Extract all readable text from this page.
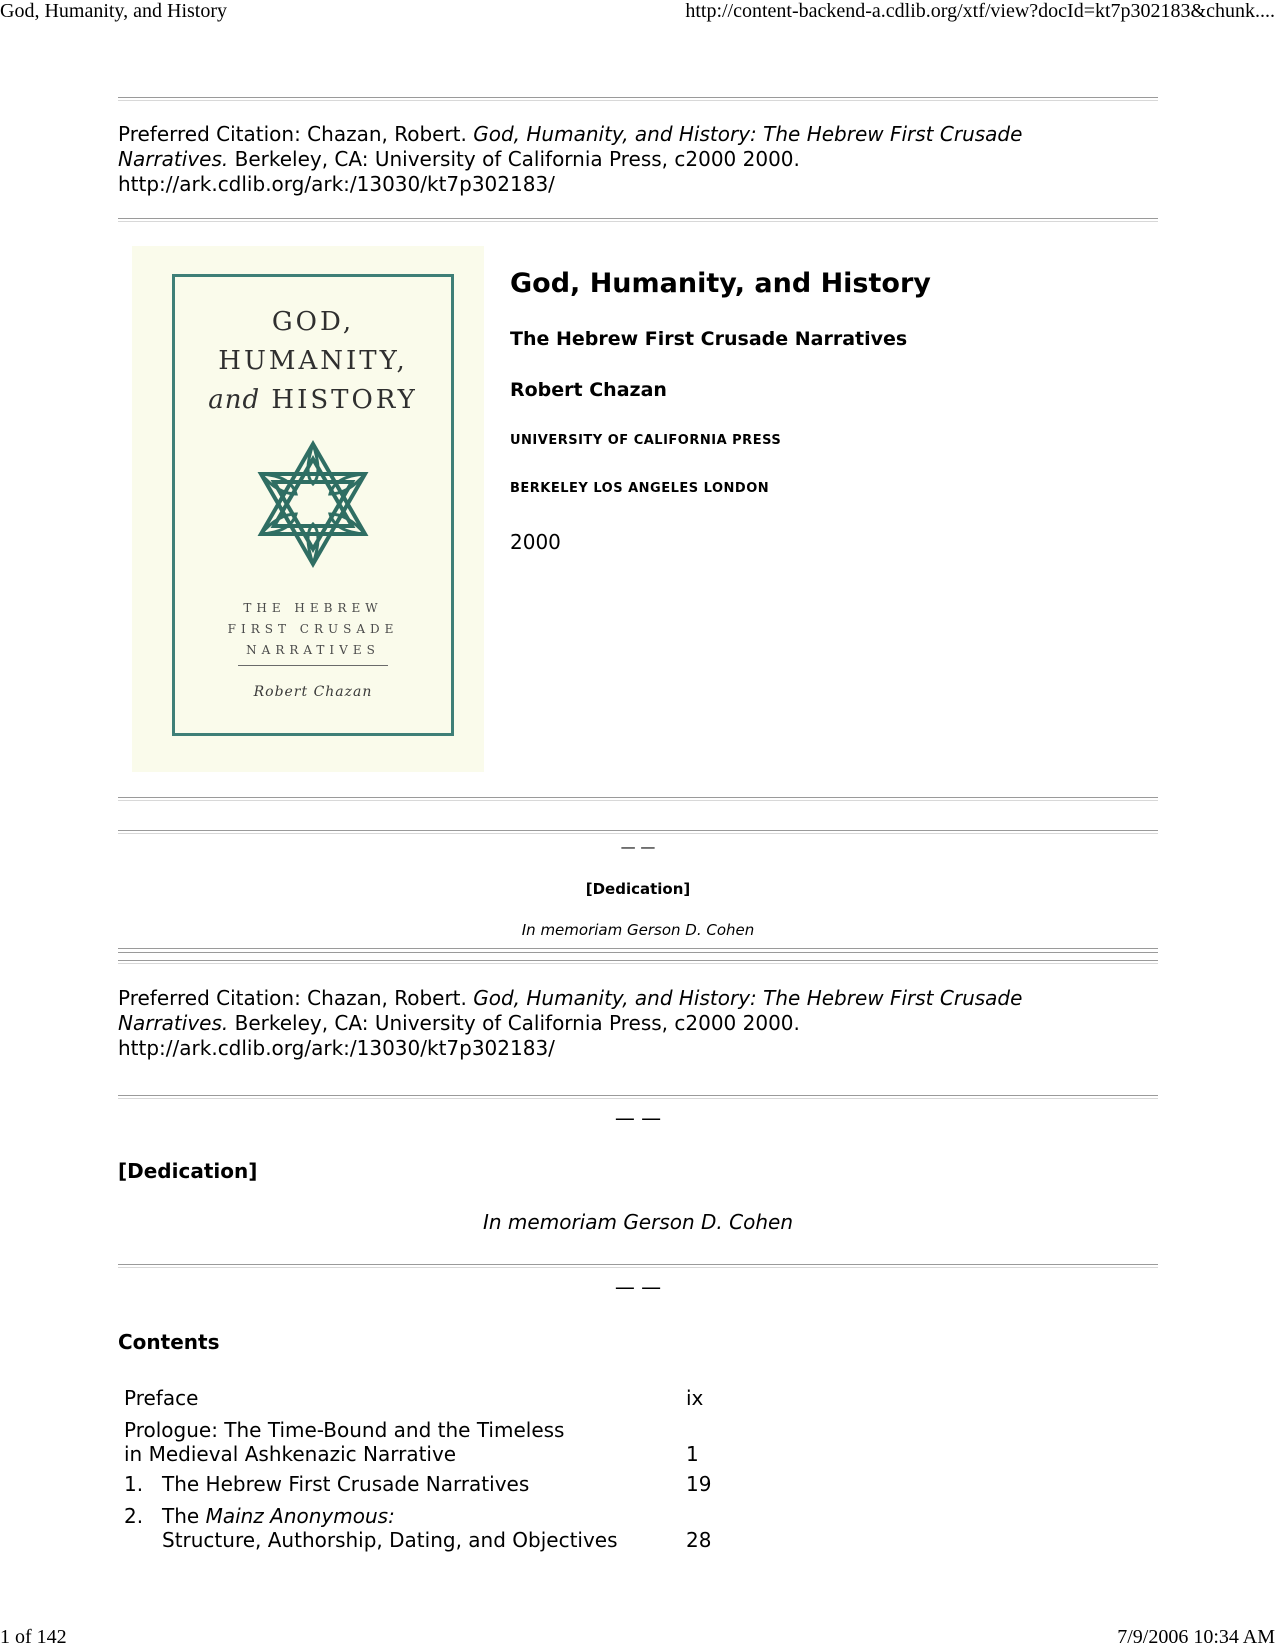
God, Humanity, and History	http://content-backend-a.cdlib.org/xtf/view?docId=kt7p302183&chunk....
Preferred Citation: Chazan, Robert. God, Humanity, and History: The Hebrew First Crusade
Narratives. Berkeley, CA: University of California Press, c2000 2000.
http://ark.cdlib.org/ark:/13030/kt7p302183/
GOD,
HUMANITY,
and HISTORY
THE HEBREW
FIRST CRUSADE
NARRATIVES
Robert Chazan
God, Humanity, and History
The Hebrew First Crusade Narratives
Robert Chazan
UNIVERSITY OF CALIFORNIA PRESS
BERKELEY LOS ANGELES LONDON
2000
— —
[Dedication]
In memoriam Gerson D. Cohen
Preferred Citation: Chazan, Robert. God, Humanity, and History: The Hebrew First Crusade
Narratives. Berkeley, CA: University of California Press, c2000 2000.
http://ark.cdlib.org/ark:/13030/kt7p302183/
— —
[Dedication]
In memoriam Gerson D. Cohen
— —
Contents
Preface	ix
Prologue: The Time-Bound and the Timeless
in Medieval Ashkenazic Narrative	1
1. The Hebrew First Crusade Narratives	19
2. The Mainz Anonymous:
Structure, Authorship, Dating, and Objectives	28
1 of 142	7/9/2006 10:34 AM
